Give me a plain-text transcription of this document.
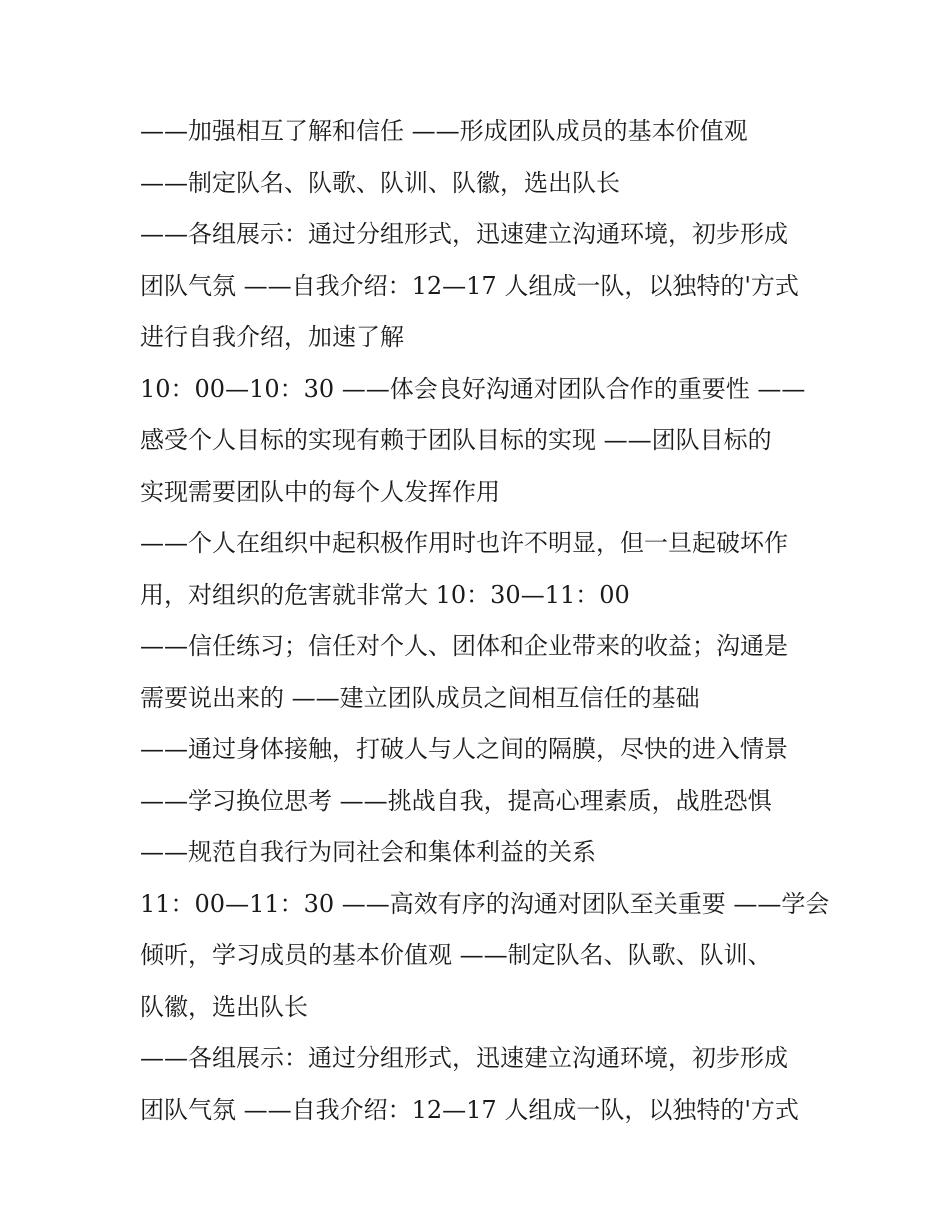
——加强相互了解和信任 ——形成团队成员的基本价值观
——制定队名、队歌、队训、队徽，选出队长
——各组展示：通过分组形式，迅速建立沟通环境，初步形成
团队气氛 ——自我介绍：12—17 人组成一队，以独特的'方式
进行自我介绍，加速了解
10：00—10：30 ——体会良好沟通对团队合作的重要性 ——
感受个人目标的实现有赖于团队目标的实现 ——团队目标的
实现需要团队中的每个人发挥作用
——个人在组织中起积极作用时也许不明显，但一旦起破坏作
用，对组织的危害就非常大 10：30—11：00
——信任练习；信任对个人、团体和企业带来的收益；沟通是
需要说出来的 ——建立团队成员之间相互信任的基础
——通过身体接触，打破人与人之间的隔膜，尽快的进入情景
——学习换位思考 ——挑战自我，提高心理素质，战胜恐惧
——规范自我行为同社会和集体利益的关系
11：00—11：30 ——高效有序的沟通对团队至关重要 ——学会
倾听，学习成员的基本价值观 ——制定队名、队歌、队训、
队徽，选出队长
——各组展示：通过分组形式，迅速建立沟通环境，初步形成
团队气氛 ——自我介绍：12—17 人组成一队，以独特的'方式
